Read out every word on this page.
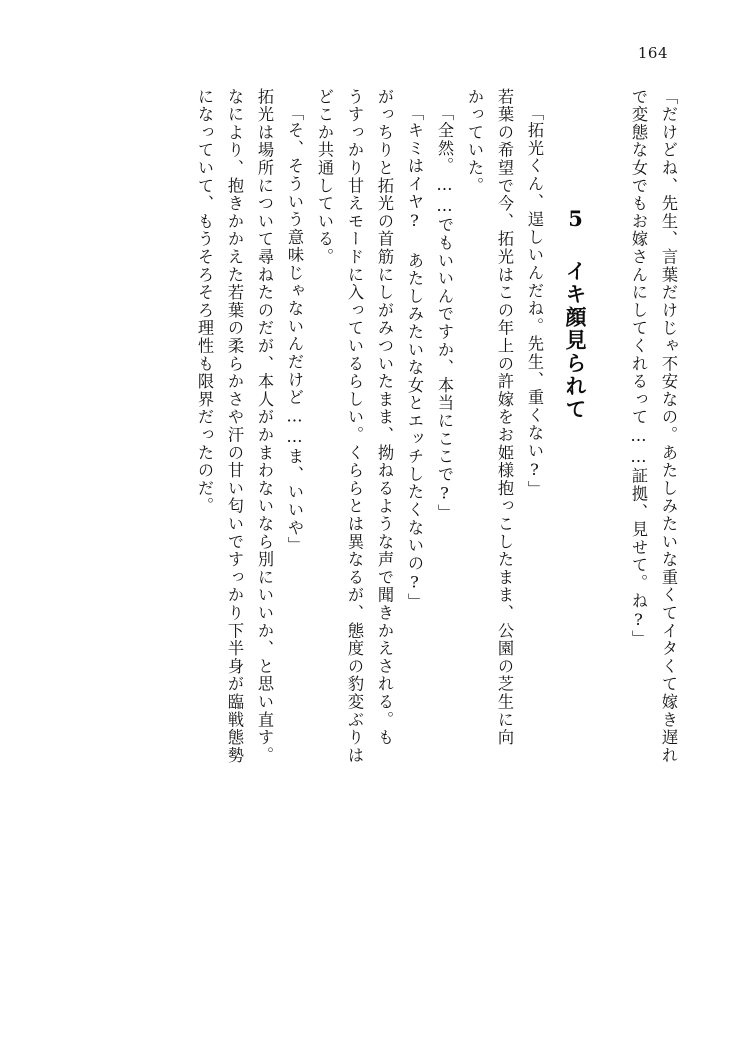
164
「だけどね、先生、言葉だけじゃ不安なの。あたしみたいな重くてイタくて嫁き遅れ
で変態な女でもお嫁さんにしてくれるって……証拠、見せて。ね?」
5 イキ顔見られて
「拓光くん、逞しいんだね。先生、重くない?」
若葉の希望で今、拓光はこの年上の許嫁をお姫様抱っこしたまま、公園の芝生に向
かっていた。
「全然。……でもいいんですか、本当にここで?」
「キミはイヤ? あたしみたいな女とエッチしたくないの?」
がっちりと拓光の首筋にしがみついたまま、拗ねるような声で聞きかえされる。も
うすっかり甘えモードに入っているらしい。くららとは異なるが、態度の豹変ぶりは
どこか共通している。
「そ、そういう意味じゃないんだけど……ま、いいや」
拓光は場所について尋ねたのだが、本人がかまわないなら別にいいか、と思い直す。
なにより、抱きかかえた若葉の柔らかさや汗の甘い匂いですっかり下半身が臨戦態勢
になっていて、もうそろそろ理性も限界だったのだ。
